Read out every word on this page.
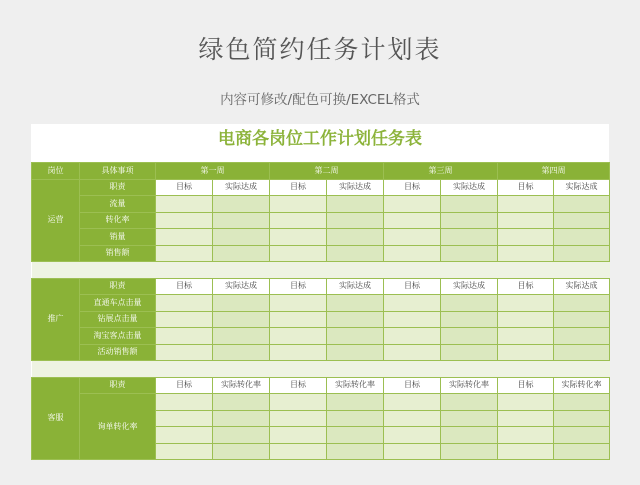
绿色简约任务计划表
内容可修改/配色可换/EXCEL格式
电商各岗位工作计划任务表
岗位	具体事项	第一周		第二周		第三周		第四周	
运营	职责	目标	实际达成	目标	实际达成	目标	实际达成	目标	实际达成
	流量								
	转化率								
	销量								
	销售额								

推广	职责	目标	实际达成	目标	实际达成	目标	实际达成	目标	实际达成
	直通车点击量								
	钻展点击量								
	淘宝客点击量								
	活动销售额								

客服	职责	目标	实际转化率	目标	实际转化率	目标	实际转化率	目标	实际转化率
	询单转化率								
